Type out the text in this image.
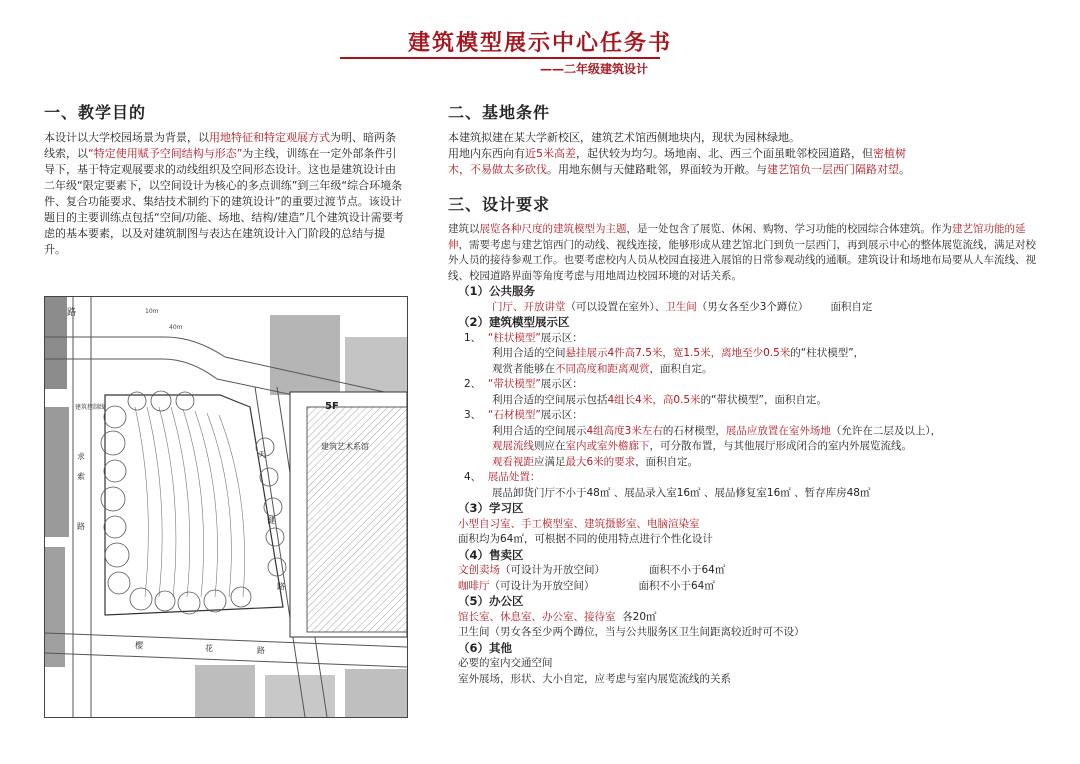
建筑模型展示中心任务书
——二年级建筑设计
一、教学目的

本设计以大学校园场景为背景，以用地特征和特定观展方式为明、暗两条线索，以“特定使用赋予空间结构与形态”为主线，训练在一定外部条件引导下，基于特定观展要求的动线组织及空间形态设计。这也是建筑设计由二年级“限定要素下，以空间设计为核心的多点训练”到三年级“综合环境条件、复合功能要求、集结技术制约下的建筑设计”的重要过渡节点。该设计题目的主要训练点包括“空间/功能、场地、结构/建造”几个建筑设计需要考虑的基本要素，以及对建筑制图与表达在建筑设计入门阶段的总结与提升。

路
求
索
路
天
健
路
樱	花	路
建筑艺术系馆
5F
建筑控制线
10m
40m
二、基地条件

本建筑拟建在某大学新校区，建筑艺术馆西侧地块内，现状为园林绿地。
用地内东西向有近5米高差，起伏较为均匀。场地南、北、西三个面虽毗邻校园道路，但密植树
木，不易做太多砍伐。用地东侧与天健路毗邻，界面较为开敞。与建艺馆负一层西门隔路对望。

三、设计要求

建筑以展览各种尺度的建筑模型为主题，是一处包含了展览、休闲、购物、学习功能的校园综合体建筑。作为建艺馆功能的延伸，需要考虑与建艺馆西门的动线、视线连接，能够形成从建艺馆北门到负一层西门，再到展示中心的整体展览流线，满足对校外人员的接待参观工作。也要考虑校内人员从校园直接进入展馆的日常参观动线的通顺。建筑设计和场地布局要从人车流线、视线、校园道路界面等角度考虑与用地周边校园环境的对话关系。

（1）公共服务

门厅、开放讲堂（可以设置在室外）、卫生间（男女各至少3个蹲位） 面积自定

（2）建筑模型展示区

1、 “柱状模型”展示区：

利用合适的空间悬挂展示4件高7.5米，宽1.5米，离地至少0.5米的“柱状模型”，

观赏者能够在不同高度和距离观赏，面积自定。

2、 “带状模型”展示区：

利用合适的空间展示包括4组长4米，高0.5米的“带状模型”，面积自定。

3、 “石材模型”展示区：

利用合适的空间展示4组高度3米左右的石材模型，展品应放置在室外场地（允许在二层及以上），

观展流线则应在室内或室外檐廊下，可分散布置，与其他展厅形成闭合的室内外展览流线。

观看视距应满足最大6米的要求，面积自定。

4、 展品处置：

展品卸货门厅不小于48㎡ 、展品录入室16㎡ 、展品修复室16㎡ 、暂存库房48㎡

（3）学习区

小型自习室、手工模型室、建筑摄影室、电脑渲染室

面积均为64㎡，可根据不同的使用特点进行个性化设计

（4）售卖区

文创卖场（可设计为开放空间）	面积不小于64㎡

咖啡厅（可设计为开放空间）	面积不小于64㎡

（5）办公区

馆长室、休息室、办公室、接待室 各20㎡

卫生间（男女各至少两个蹲位，当与公共服务区卫生间距离较近时可不设）

（6）其他

必要的室内交通空间

室外展场，形状、大小自定，应考虑与室内展览流线的关系
